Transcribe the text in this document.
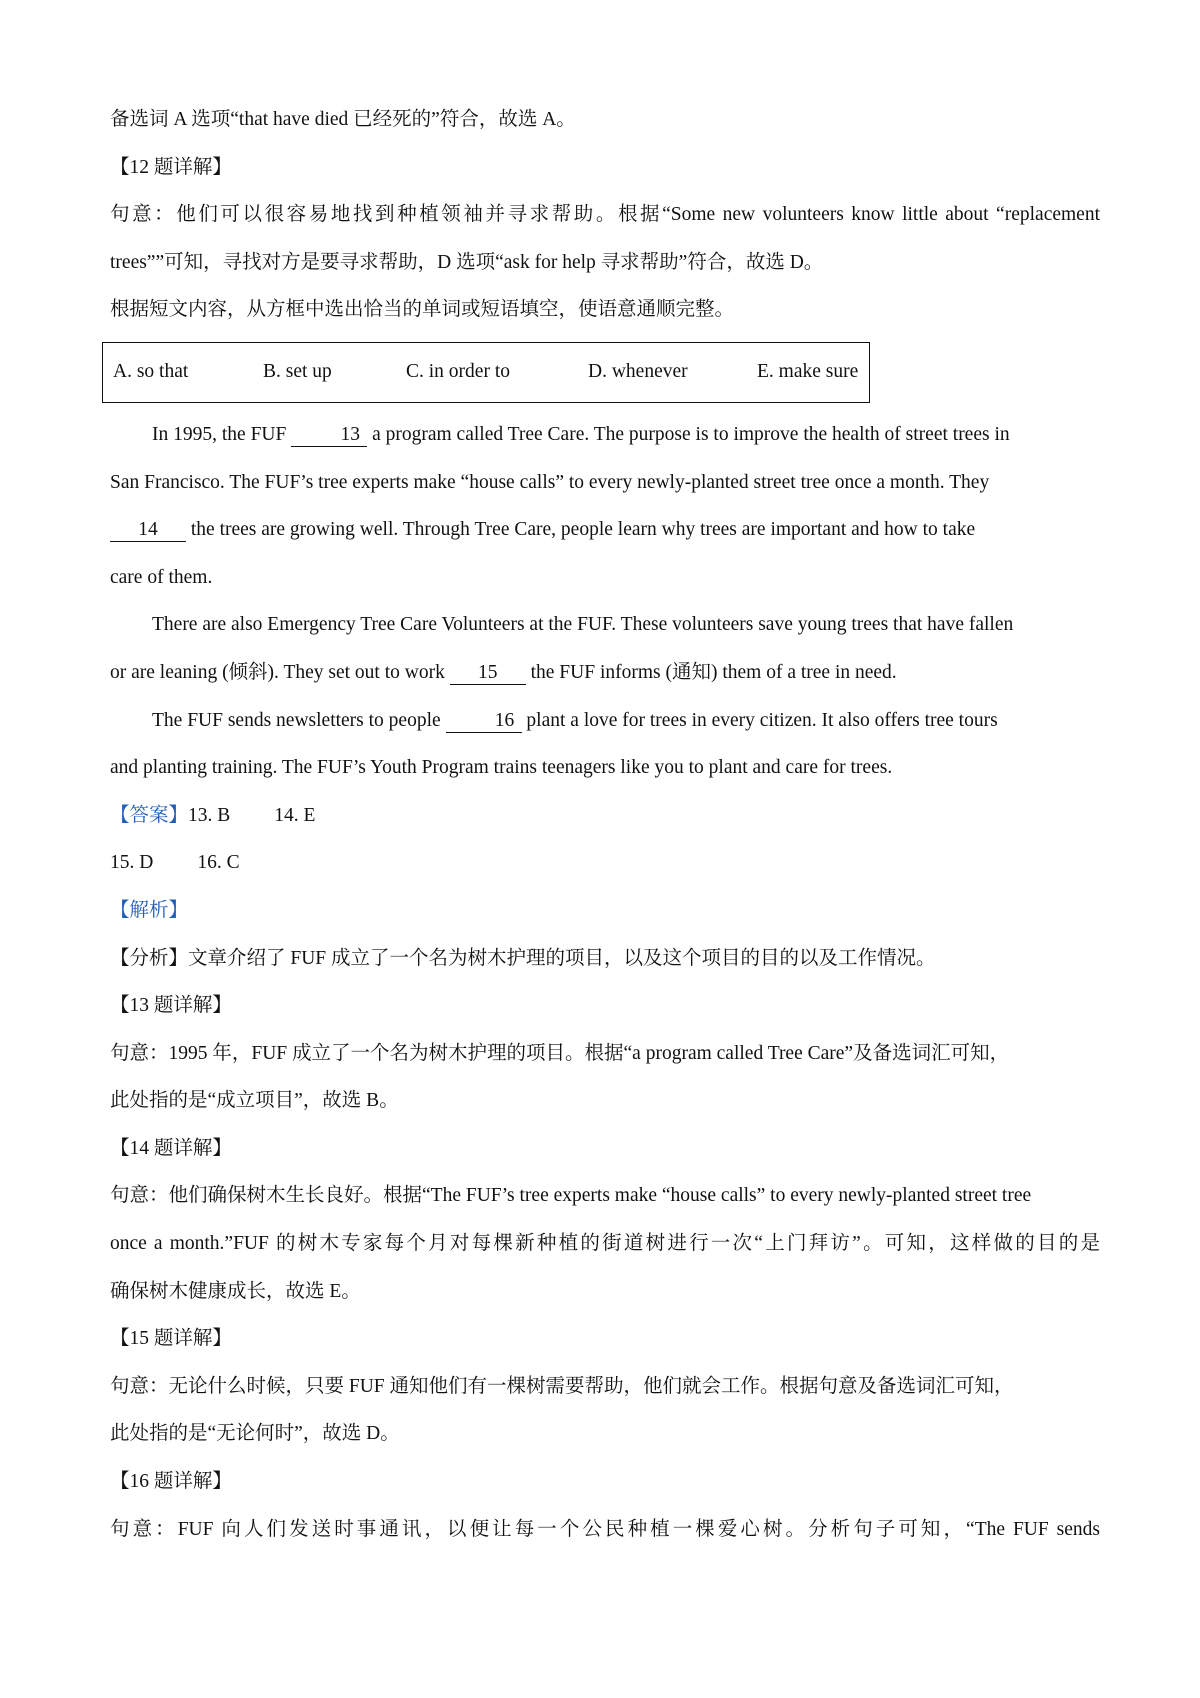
备选词 A 选项“that have died 已经死的”符合，故选 A。

【12 题详解】

句意：他们可以很容易地找到种植领袖并寻求帮助。根据“Some new volunteers know little about “replacement

trees””可知，寻找对方是要寻求帮助，D 选项“ask for help 寻求帮助”符合，故选 D。

根据短文内容，从方框中选出恰当的单词或短语填空，使语意通顺完整。

A. so that	B. set up	C. in order to	D. whenever	E. make sure

In 1995, the FUF	13 a program called Tree Care. The purpose is to improve the health of street trees in

San Francisco. The FUF’s tree experts make “house calls” to every newly-planted street tree once a month. They

14 the trees are growing well. Through Tree Care, people learn why trees are important and how to take

care of them.

There are also Emergency Tree Care Volunteers at the FUF. These volunteers save young trees that have fallen

or are leaning (倾斜). They set out to work 15 the FUF informs (通知) them of a tree in need.

The FUF sends newsletters to people	16 plant a love for trees in every citizen. It also offers tree tours

and planting training. The FUF’s Youth Program trains teenagers like you to plant and care for trees.

【答案】13. B 14. E

15. D 16. C

【解析】

【分析】文章介绍了 FUF 成立了一个名为树木护理的项目，以及这个项目的目的以及工作情况。

【13 题详解】

句意：1995 年，FUF 成立了一个名为树木护理的项目。根据“a program called Tree Care”及备选词汇可知，

此处指的是“成立项目”，故选 B。

【14 题详解】

句意：他们确保树木生长良好。根据“The FUF’s tree experts make “house calls” to every newly-planted street tree

once a month.”FUF 的树木专家每个月对每棵新种植的街道树进行一次“上门拜访”。可知，这样做的目的是

确保树木健康成长，故选 E。

【15 题详解】

句意：无论什么时候，只要 FUF 通知他们有一棵树需要帮助，他们就会工作。根据句意及备选词汇可知，

此处指的是“无论何时”，故选 D。

【16 题详解】

句意：FUF 向人们发送时事通讯，以便让每一个公民种植一棵爱心树。分析句子可知，“The FUF sends
